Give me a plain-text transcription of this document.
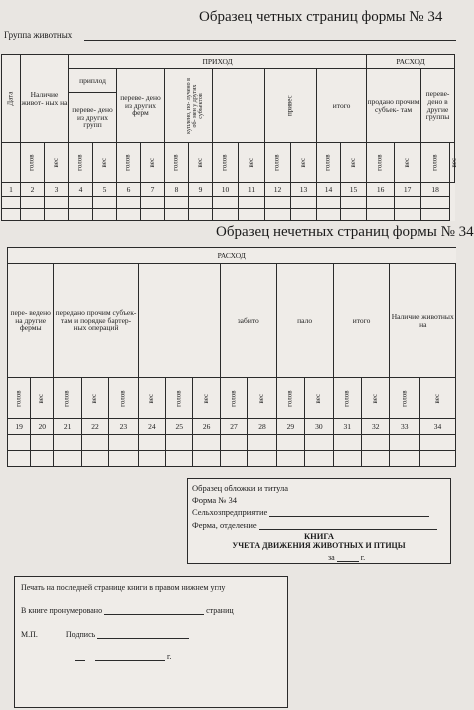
Образец четных страниц формы № 34
Группа животных
Дата	Наличие живот- ных на		ПРИХОД												РАСХОД			
			приплод		переве- дено из других ферм		куплено, по- лучено в об- мен у других субъектов				привес		итого		продано прочим субъек- там		переве- дено в другие группы	
			переве- дено из других групп															
	голов	вес	голов	вес	голов	вес	голов	вес	голов	вес	голов	вес	голов	вес	голов	вес	голов	вес
1	2	3	4	5	6	7	8	9	10	11	12	13	14	15	16	17	18	

Образец нечетных страниц формы № 34
РАСХОД															
пере- ведено на другие фермы		передано прочим субъек- там и порядке бартер- ных операций						забито		пало		итого		Наличие животных на	
голов	вес	голов	вес	голов	вес	голов	вес	голов	вес	голов	вес	голов	вес	голов	вес
19	20	21	22	23	24	25	26	27	28	29	30	31	32	33	34

Образец обложки и титула
Форма № 34
Сельхозпредприятие
Ферма, отделение
КНИГА
УЧЕТА ДВИЖЕНИЯ ЖИВОТНЫХ И ПТИЦЫ
за	г.
Печать на последней странице книги в правом нижнем углу
В книге пронумеровано	страниц
М.П.	Подпись
г.
